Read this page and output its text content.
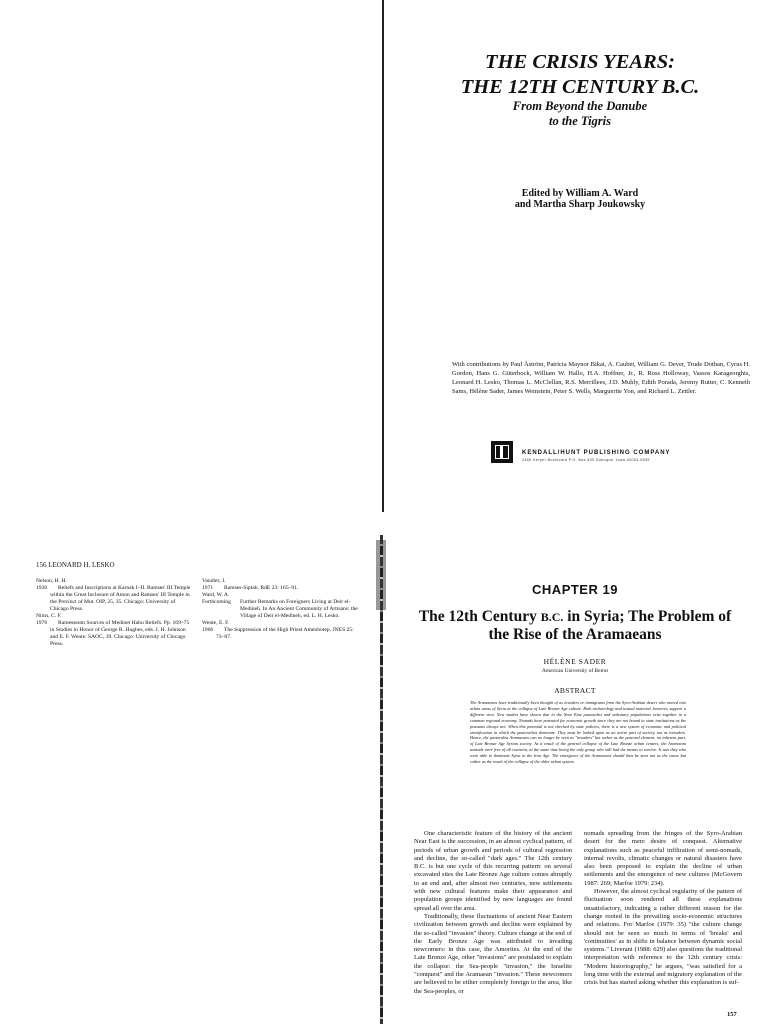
THE CRISIS YEARS:
THE 12TH CENTURY B.C.
From Beyond the Danube
to the Tigris
Edited by William A. Ward
and Martha Sharp Joukowsky
With contributions by Paul Åström, Patricia Maynor Bikai, A. Caubet, William G. Dever, Trude Dothan, Cyrus H. Gordon, Hans G. Güterbock, William W. Hallo, H.A. Hoffner, Jr., R. Ross Holloway, Vassos Karageorghis, Leonard H. Lesko, Thomas L. McClellan, R.S. Merrillees, J.D. Muhly, Edith Porada, Jeremy Rutter, C. Kenneth Sams, Hélène Sader, James Weinstein, Peter S. Wells, Marguerite Yon, and Richard L. Zettler.
KENDALL/HUNT PUBLISHING COMPANY
2460 Kerper Boulevard P.O. Box 539 Dubuque, Iowa 52004-0539
156 LEONARD H. LESKO
Nelson, H. H.
1936 Reliefs and Inscriptions at Karnak I–II. Ramses' III Temple within the Great Inclosure of Amon and Ramses' III Temple in the Precinct of Mut. OIP, 25, 35. Chicago: University of Chicago Press.
Nims, C. F.
1976 Ramesseum Sources of Medinet Habu Reliefs. Pp. 169–75 in Studies in Honor of George R. Hughes, eds. J. H. Johnson and E. F. Wente. SAOC, 39. Chicago: University of Chicago Press.
Vandier, J.
1971 Ramses-Siptah. RdE 23: 165–91.
Ward, W. A.
Forthcoming Further Remarks on Foreigners Living at Deir el-Medineh. In An Ancient Community of Artisans: the Village of Deir el-Medineh, ed. L. H. Lesko.
Wente, E. F.
1966 The Suppression of the High Priest Amenhotep. JNES 25: 73–87.
CHAPTER 19
The 12th Century B.C. in Syria; The Problem of the Rise of the Aramaeans
HÉLÈNE SADER
American University of Beirut
ABSTRACT
The Aramaeans have traditionally been thought of as invaders or immigrants from the Syro-Arabian desert who moved into urban areas of Syria at the collapse of Late Bronze Age culture. Both archaeology and textual material, however, support a different view. New studies have shown that in the Near East pastoralist and sedentary populations exist together in a common regional economy. Nomads have potential for economic growth since they are not bound to state institutions as the peasants always are. When this potential is not checked by state policies, there is a new system of economic and political stratification in which the pastoralists dominate. They must be looked upon as an active part of society, not as intruders. Hence, the pastoralist Aramaeans can no longer be seen as "invaders" but rather as the pastoral element, an inherent part, of Late Bronze Age Syrian society. As a result of the general collapse of the Late Bronze urban centers, the Aramaean nomads were free of all restraint, at the same time being the only group who still had the means to survive. It was they who were able to dominate Syria in the Iron Age. The emergence of the Aramaeans should thus be seen not as the cause but rather as the result of the collapse of the older urban system.

One characteristic feature of the history of the ancient Near East is the succession, in an almost cyclical pattern, of periods of urban growth and periods of cultural regression and decline, the so-called "dark ages." The 12th century B.C. is but one cycle of this recurring pattern: on several excavated sites the Late Bronze Age culture comes abruptly to an end and, after almost two centuries, new settlements with new cultural features make their appearance and population groups identified by new languages are found spread all over the area.

Traditionally, these fluctuations of ancient Near Eastern civilization between growth and decline were explained by the so-called "invasion" theory. Culture change at the end of the Early Bronze Age was attributed to invading newcomers: in this case, the Amorites. At the end of the Late Bronze Age, other "invasions" are postulated to explain the collapse: the Sea-people "invasion," the Israelite "conquest" and the Aramaean "invasion." These newcomers are believed to be either completely foreign to the area, like the Sea-peoples, or

nomads spreading from the fringes of the Syro-Arabian desert for the mere desire of conquest. Alternative explanations such as peaceful infiltration of semi-nomads, internal revolts, climatic changes or natural disasters have also been proposed to explain the decline of urban settlements and the emergence of new cultures (McGovern 1987: 269; Marfoe 1979: 234).

However, the almost cyclical regularity of the pattern of fluctuation soon rendered all these explanations unsatisfactory, indicating a rather different reason for the change rooted in the prevailing socio-economic structures and relations. For Marfoe (1979: 35) "the culture change should not be seen so much in terms of 'breaks' and 'continuities' as in shifts in balance between dynamic social systems." Liverani (1988: 629) also questions the traditional interpretation with reference to the 12th century crisis: "Modern historiography," he argues, "was satisfied for a long time with the external and migratory explanation of the crisis but has started asking whether this explanation is suf-

157
